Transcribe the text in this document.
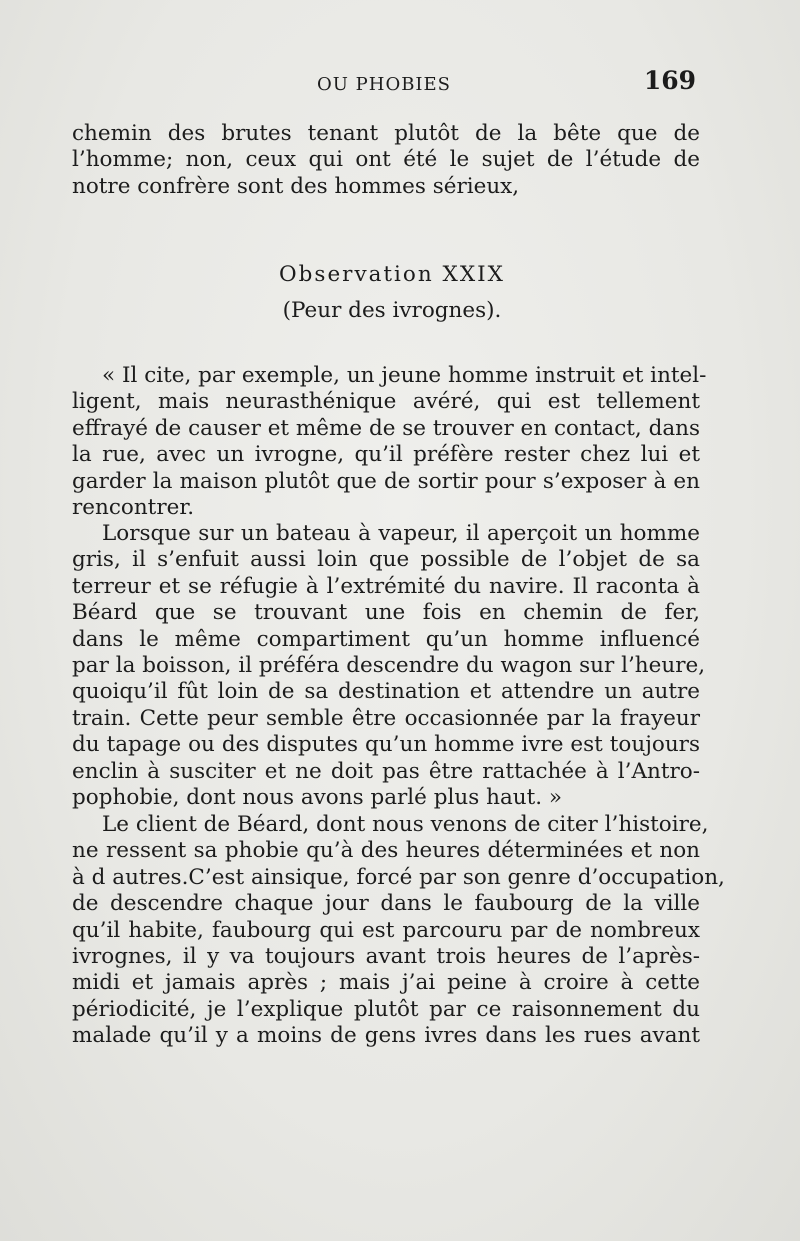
OU PHOBIES	169
chemin des brutes tenant plutôt de la bête que de
l’homme; non, ceux qui ont été le sujet de l’étude de
notre confrère sont des hommes sérieux,
Observation XXIX
(Peur des ivrognes).
« Il cite, par exemple, un jeune homme instruit et intel-
ligent, mais neurasthénique avéré, qui est tellement
effrayé de causer et même de se trouver en contact, dans
la rue, avec un ivrogne, qu’il préfère rester chez lui et
garder la maison plutôt que de sortir pour s’exposer à en
rencontrer.
Lorsque sur un bateau à vapeur, il aperçoit un homme
gris, il s’enfuit aussi loin que possible de l’objet de sa
terreur et se réfugie à l’extrémité du navire. Il raconta à
Béard que se trouvant une fois en chemin de fer,
dans le même compartiment qu’un homme influencé
par la boisson, il préféra descendre du wagon sur l’heure,
quoiqu’il fût loin de sa destination et attendre un autre
train. Cette peur semble être occasionnée par la frayeur
du tapage ou des disputes qu’un homme ivre est toujours
enclin à susciter et ne doit pas être rattachée à l’Antro-
pophobie, dont nous avons parlé plus haut. »
Le client de Béard, dont nous venons de citer l’histoire,
ne ressent sa phobie qu’à des heures déterminées et non
à d autres.C’est ainsique, forcé par son genre d’occupation,
de descendre chaque jour dans le faubourg de la ville
qu’il habite, faubourg qui est parcouru par de nombreux
ivrognes, il y va toujours avant trois heures de l’après-
midi et jamais après ; mais j’ai peine à croire à cette
périodicité, je l’explique plutôt par ce raisonnement du
malade qu’il y a moins de gens ivres dans les rues avant
